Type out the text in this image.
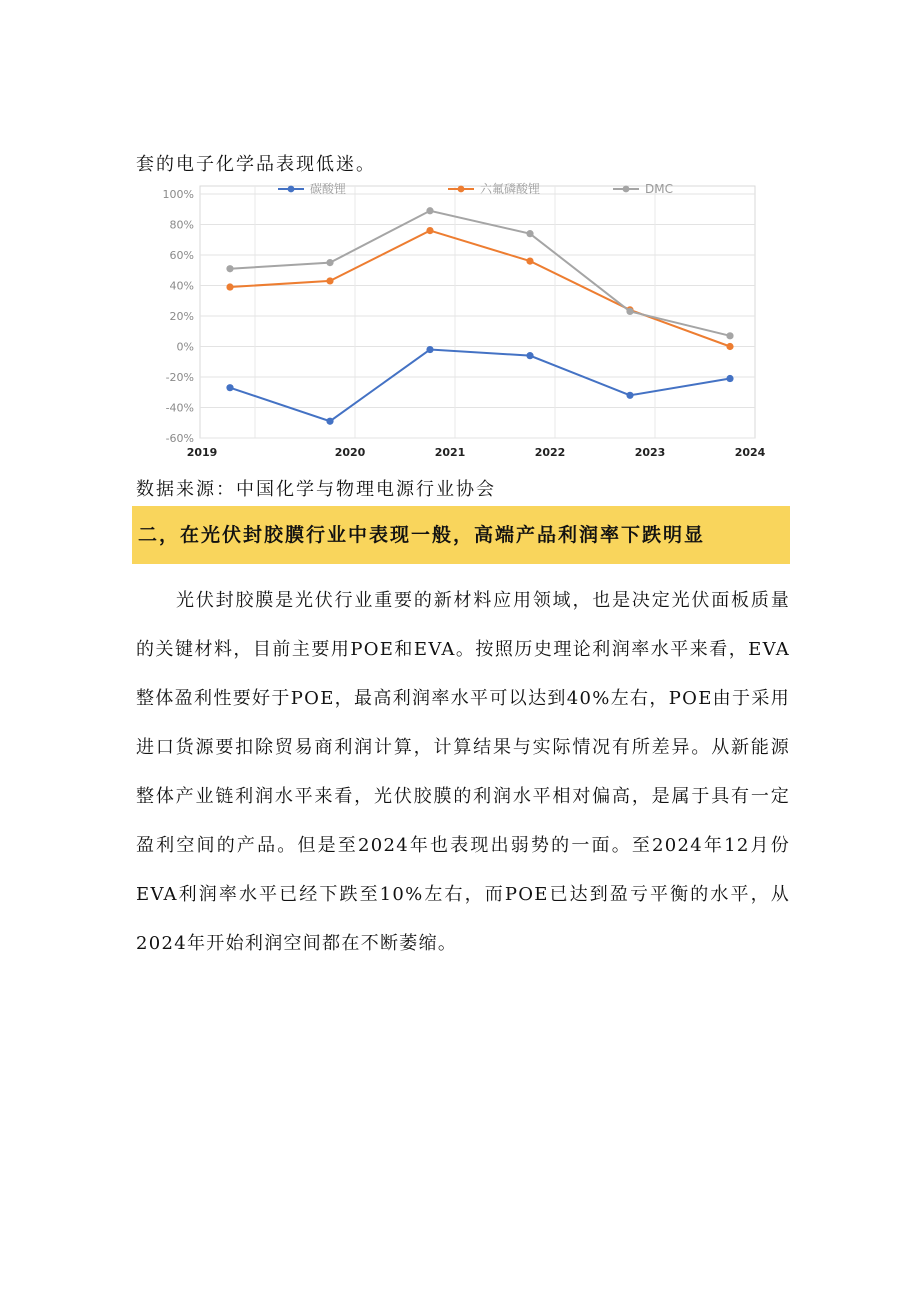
套的电子化学品表现低迷。

100%
80%
60%
40%
20%
0%
-20%
-40%
-60%
2019	2020	2021	2022	2023	2024
碳酸锂	六氟磷酸锂	DMC

数据来源：中国化学与物理电源行业协会

二，在光伏封胶膜行业中表现一般，高端产品利润率下跌明显

光伏封胶膜是光伏行业重要的新材料应用领域，也是决定光伏面板质量的关键材料，目前主要用POE和EVA。按照历史理论利润率水平来看，EVA整体盈利性要好于POE，最高利润率水平可以达到40%左右，POE由于采用进口货源要扣除贸易商利润计算，计算结果与实际情况有所差异。从新能源整体产业链利润水平来看，光伏胶膜的利润水平相对偏高，是属于具有一定盈利空间的产品。但是至2024年也表现出弱势的一面。至2024年12月份EVA利润率水平已经下跌至10%左右，而POE已达到盈亏平衡的水平，从2024年开始利润空间都在不断萎缩。
